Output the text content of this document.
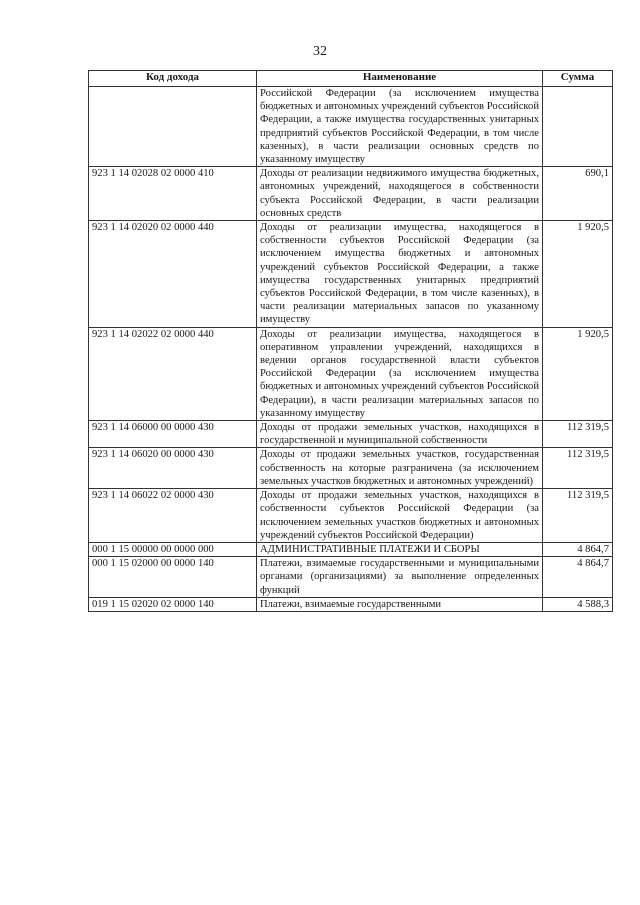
32
Код дохода	Наименование	Сумма
	Российской Федерации (за исключением имущества бюджетных и автономных учреждений субъектов Российской Федерации, а также имущества государственных унитарных предприятий субъектов Российской Федерации, в том числе казенных), в части реализации основных средств по указанному имуществу	
923 1 14 02028 02 0000 410	Доходы от реализации недвижимого имущества бюджетных, автономных учреждений, находящегося в собственности субъекта Российской Федерации, в части реализации основных средств	690,1
923 1 14 02020 02 0000 440	Доходы от реализации имущества, находящегося в собственности субъектов Российской Федерации (за исключением имущества бюджетных и автономных учреждений субъектов Российской Федерации, а также имущества государственных унитарных предприятий субъектов Российской Федерации, в том числе казенных), в части реализации материальных запасов по указанному имуществу	1 920,5
923 1 14 02022 02 0000 440	Доходы от реализации имущества, находящегося в оперативном управлении учреждений, находящихся в ведении органов государственной власти субъектов Российской Федерации (за исключением имущества бюджетных и автономных учреждений субъектов Российской Федерации), в части реализации материальных запасов по указанному имуществу	1 920,5
923 1 14 06000 00 0000 430	Доходы от продажи земельных участков, находящихся в государственной и муниципальной собственности	112 319,5
923 1 14 06020 00 0000 430	Доходы от продажи земельных участков, государственная собственность на которые разграничена (за исключением земельных участков бюджетных и автономных учреждений)	112 319,5
923 1 14 06022 02 0000 430	Доходы от продажи земельных участков, находящихся в собственности субъектов Российской Федерации (за исключением земельных участков бюджетных и автономных учреждений субъектов Российской Федерации)	112 319,5
000 1 15 00000 00 0000 000	АДМИНИСТРАТИВНЫЕ ПЛАТЕЖИ И СБОРЫ	4 864,7
000 1 15 02000 00 0000 140	Платежи, взимаемые государственными и муниципальными органами (организациями) за выполнение определенных функций	4 864,7
019 1 15 02020 02 0000 140	Платежи, взимаемые государственными	4 588,3
